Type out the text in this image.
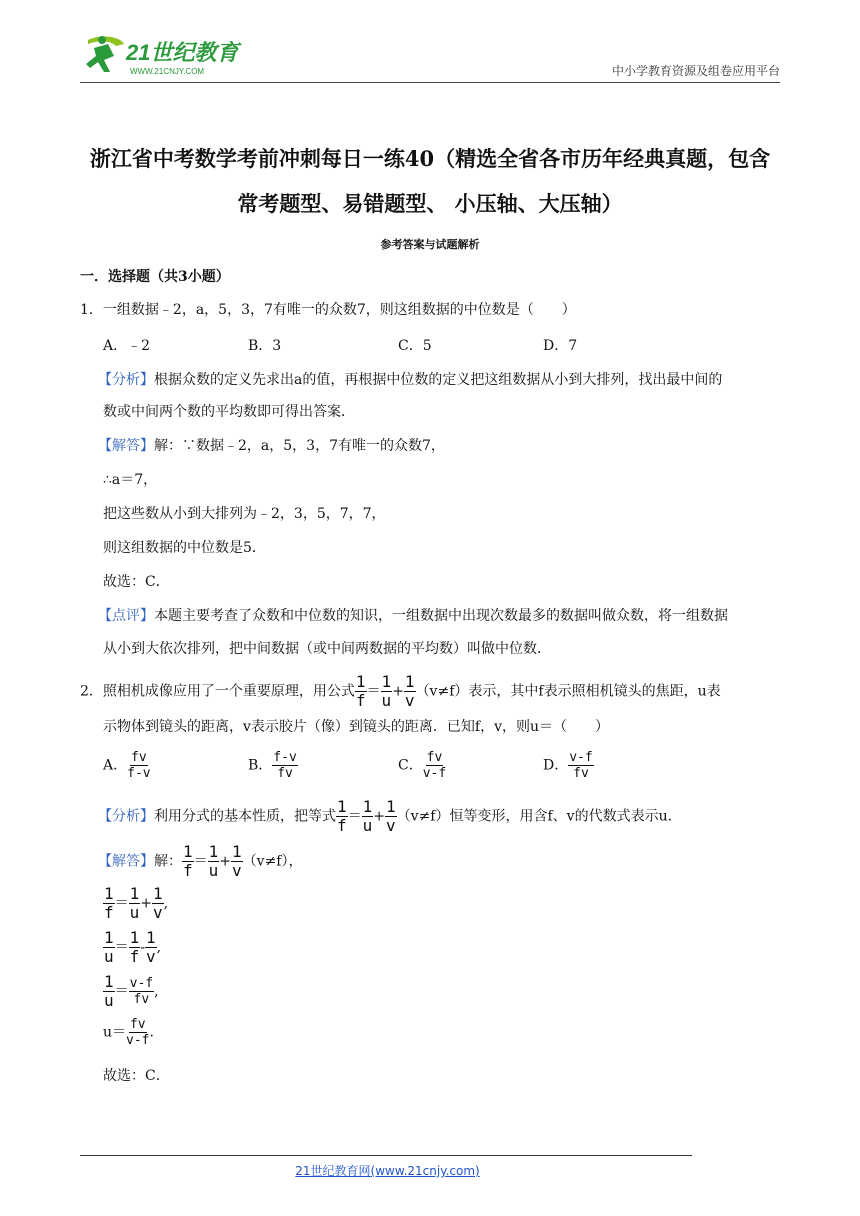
21世纪教育
WWW.21CNJY.COM	中小学教育资源及组卷应用平台
浙江省中考数学考前冲刺每日一练40（精选全省各市历年经典真题，包含
常考题型、易错题型、 小压轴、大压轴）
参考答案与试题解析
一．选择题（共3小题）
1．一组数据﹣2，a，5，3，7有唯一的众数7，则这组数据的中位数是（　　）
A．﹣2	B．3	C．5	D．7
【分析】根据众数的定义先求出a的值，再根据中位数的定义把这组数据从小到大排列，找出最中间的
数或中间两个数的平均数即可得出答案．
【解答】解：∵数据﹣2，a，5，3，7有唯一的众数7，
∴a＝7，
把这些数从小到大排列为﹣2，3，5，7，7，
则这组数据的中位数是5．
故选：C．
【点评】本题主要考查了众数和中位数的知识，一组数据中出现次数最多的数据叫做众数，将一组数据
从小到大依次排列，把中间数据（或中间两数据的平均数）叫做中位数．
2．照相机成像应用了一个重要原理，用公式 $\frac{1}{f} = \frac{1}{u} + \frac{1}{v} (v\ne f)$表示，其中f表示照相机镜头的焦距，u表
示物体到镜头的距离，v表示胶片（像）到镜头的距离．已知f，v，则u＝（　　）
A． $\frac{fv}{f-v}$	B． $\frac{f-v}{fv}$	C． $\frac{fv}{v-f}$	D． $\frac{v-f}{fv}$
【分析】利用分式的基本性质，把等式 $\frac{1}{f} = \frac{1}{u} + \frac{1}{v} (v\ne f)$恒等变形，用含f、v的代数式表示u．
【解答】解： $\frac{1}{f} = \frac{1}{u} + \frac{1}{v} (v\ne f)$，
$\frac{1}{f} = \frac{1}{u} + \frac{1}{v}$ ,
$\frac{1}{u} = \frac{1}{f} - \frac{1}{v}$ ,
$\frac{1}{u} = \frac{v-f}{fv}$ ,
$u= \frac{fv}{v-f}$ .
故选：C．
21世纪教育网(www.21cnjy.com)
